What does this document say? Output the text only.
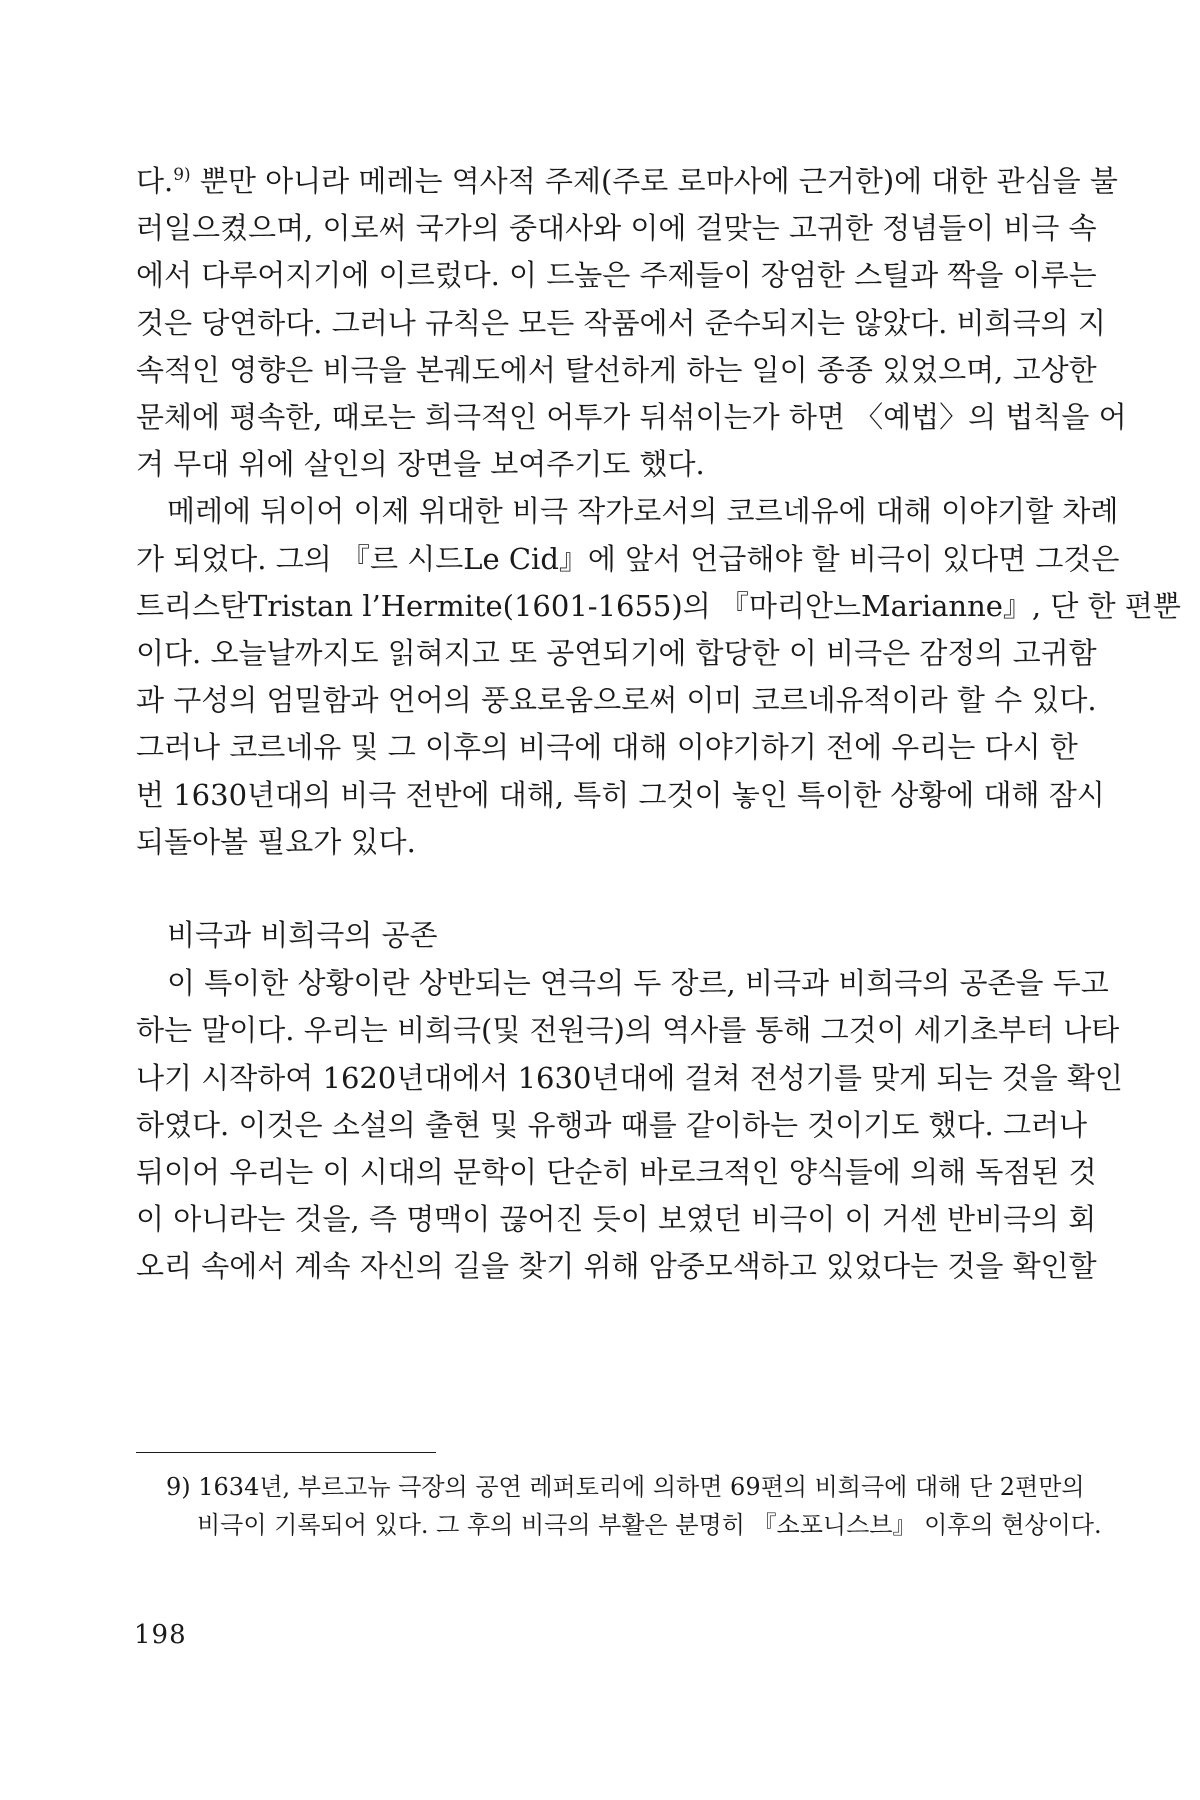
다.$^{9)}$ 뿐만 아니라 메레는 역사적 주제(주로 로마사에 근거한)에 대한 관심을 불
러일으켰으며, 이로써 국가의 중대사와 이에 걸맞는 고귀한 정념들이 비극 속
에서 다루어지기에 이르렀다. 이 드높은 주제들이 장엄한 스틸과 짝을 이루는
것은 당연하다. 그러나 규칙은 모든 작품에서 준수되지는 않았다. 비희극의 지
속적인 영향은 비극을 본궤도에서 탈선하게 하는 일이 종종 있었으며, 고상한
문체에 평속한, 때로는 희극적인 어투가 뒤섞이는가 하면 〈예법〉의 법칙을 어
겨 무대 위에 살인의 장면을 보여주기도 했다.
메레에 뒤이어 이제 위대한 비극 작가로서의 코르네유에 대해 이야기할 차례
가 되었다. 그의 『르 시드Le Cid』에 앞서 언급해야 할 비극이 있다면 그것은
트리스탄Tristan l’Hermite(1601-1655)의 『마리안느Marianne』, 단 한 편뿐
이다. 오늘날까지도 읽혀지고 또 공연되기에 합당한 이 비극은 감정의 고귀함
과 구성의 엄밀함과 언어의 풍요로움으로써 이미 코르네유적이라 할 수 있다.
그러나 코르네유 및 그 이후의 비극에 대해 이야기하기 전에 우리는 다시 한
번 1630년대의 비극 전반에 대해, 특히 그것이 놓인 특이한 상황에 대해 잠시
되돌아볼 필요가 있다.
비극과 비희극의 공존
이 특이한 상황이란 상반되는 연극의 두 장르, 비극과 비희극의 공존을 두고
하는 말이다. 우리는 비희극(및 전원극)의 역사를 통해 그것이 세기초부터 나타
나기 시작하여 1620년대에서 1630년대에 걸쳐 전성기를 맞게 되는 것을 확인
하였다. 이것은 소설의 출현 및 유행과 때를 같이하는 것이기도 했다. 그러나
뒤이어 우리는 이 시대의 문학이 단순히 바로크적인 양식들에 의해 독점된 것
이 아니라는 것을, 즉 명맥이 끊어진 듯이 보였던 비극이 이 거센 반비극의 회
오리 속에서 계속 자신의 길을 찾기 위해 암중모색하고 있었다는 것을 확인할
9) 1634년, 부르고뉴 극장의 공연 레퍼토리에 의하면 69편의 비희극에 대해 단 2편만의
비극이 기록되어 있다. 그 후의 비극의 부활은 분명히 『소포니스브』 이후의 현상이다.
198
